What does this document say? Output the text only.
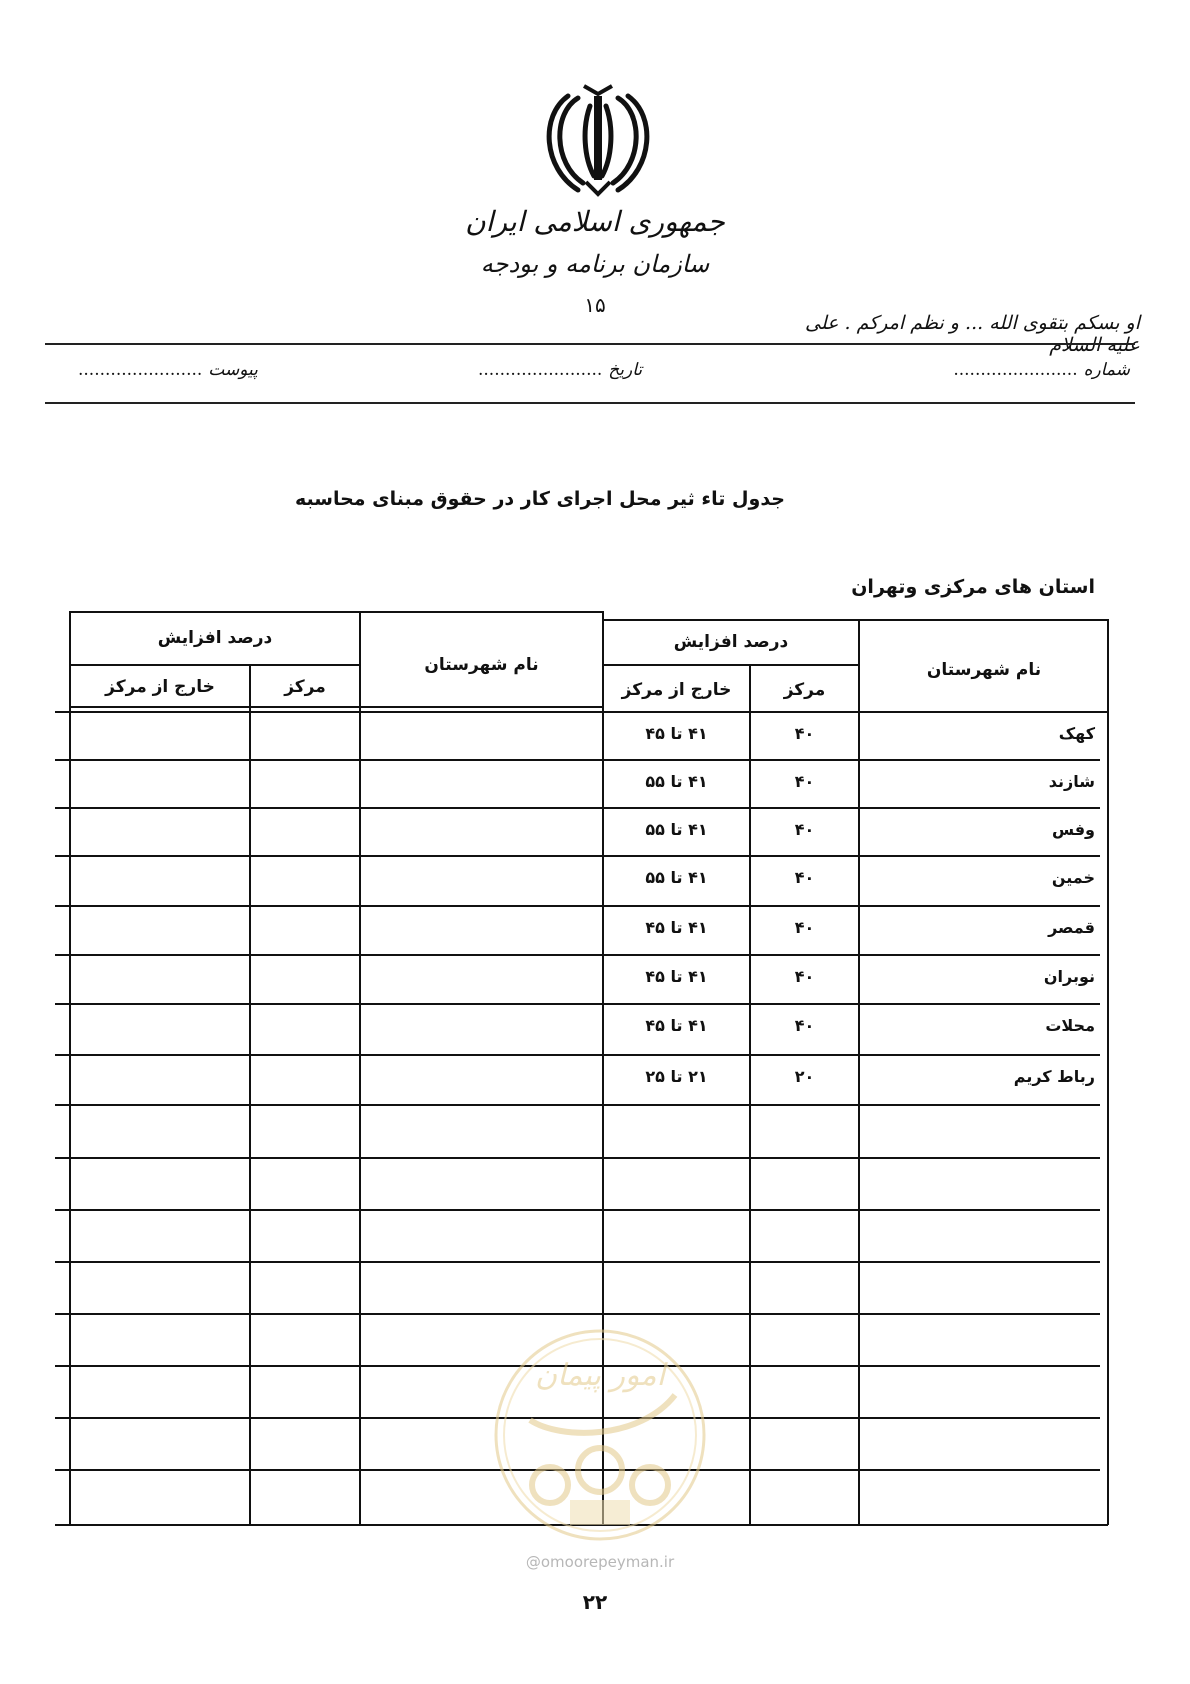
جمهوری اسلامی ایران
سازمان برنامه و بودجه
۱۵
او بسکم بتقوی الله ... و نظم امرکم . علی علیه السلام
شماره.......................
تاریخ.......................
پیوست.......................
جدول تاء ثیر محل اجرای کار در حقوق مبنای محاسبه
استان های مرکزی وتهران
نام شهرستان
درصد افزایش
مرکز
خارج از مرکز
نام شهرستان
درصد افزایش
مرکز
خارج از مرکز
کهک
۴۰
۴۱ تا ۴۵
شازند
۴۰
۴۱ تا ۵۵
وفس
۴۰
۴۱ تا ۵۵
خمین
۴۰
۴۱ تا ۵۵
قمصر
۴۰
۴۱ تا ۴۵
نوبران
۴۰
۴۱ تا ۴۵
محلات
۴۰
۴۱ تا ۴۵
رباط کریم
۲۰
۲۱ تا ۲۵
امور پیمان
@omoorepeyman.ir
۲۲
